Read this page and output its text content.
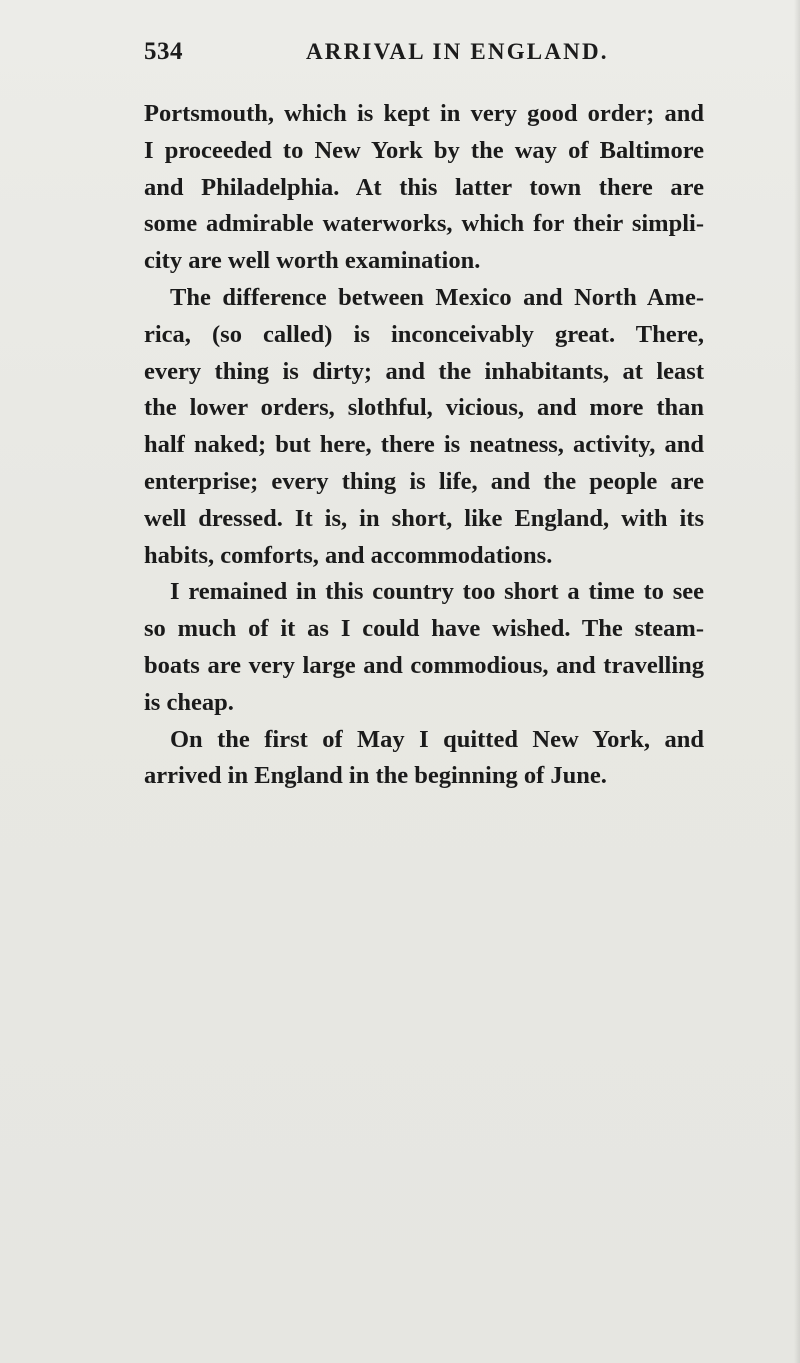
534	ARRIVAL IN ENGLAND.
Portsmouth, which is kept in very good order; and
I proceeded to New York by the way of Baltimore
and Philadelphia. At this latter town there are
some admirable waterworks, which for their simpli-
city are well worth examination.
The difference between Mexico and North Ame-
rica, (so called) is inconceivably great. There,
every thing is dirty; and the inhabitants, at least
the lower orders, slothful, vicious, and more than
half naked; but here, there is neatness, activity, and
enterprise; every thing is life, and the people are
well dressed. It is, in short, like England, with its
habits, comforts, and accommodations.
I remained in this country too short a time to see
so much of it as I could have wished. The steam-
boats are very large and commodious, and travelling
is cheap.
On the first of May I quitted New York, and
arrived in England in the beginning of June.
